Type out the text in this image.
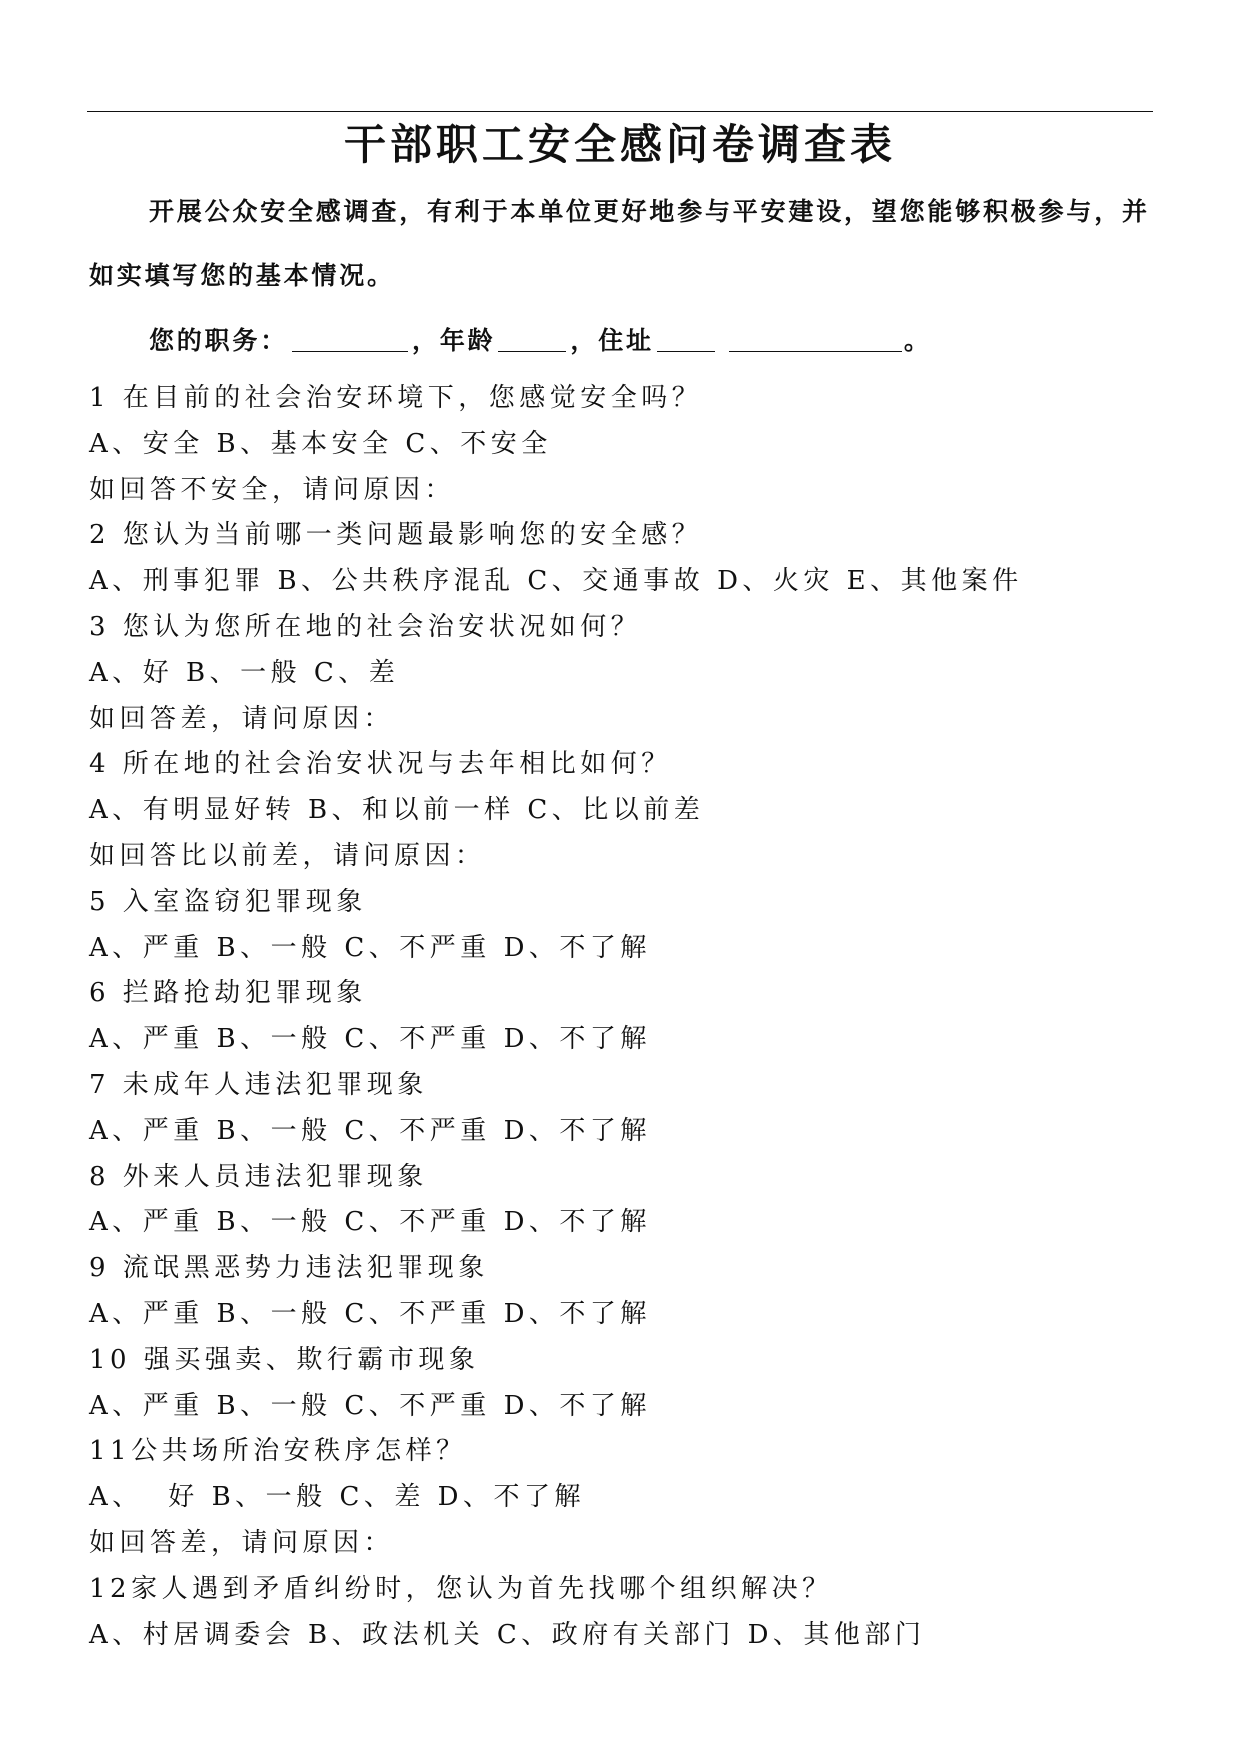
干部职工安全感问卷调查表
开展公众安全感调查，有利于本单位更好地参与平安建设，望您能够积极参与，并如实填写您的基本情况。
您的职务：	，年龄	，住址	。
1 在目前的社会治安环境下，您感觉安全吗？
A、安全 B、基本安全 C、不安全
如回答不安全，请问原因：
2 您认为当前哪一类问题最影响您的安全感？
A、刑事犯罪 B、公共秩序混乱 C、交通事故 D、火灾 E、其他案件
3 您认为您所在地的社会治安状况如何？
A、好 B、一般 C、差
如回答差，请问原因：
4 所在地的社会治安状况与去年相比如何？
A、有明显好转 B、和以前一样 C、比以前差
如回答比以前差，请问原因：
5 入室盗窃犯罪现象
A、严重 B、一般 C、不严重 D、不了解
6 拦路抢劫犯罪现象
A、严重 B、一般 C、不严重 D、不了解
7 未成年人违法犯罪现象
A、严重 B、一般 C、不严重 D、不了解
8 外来人员违法犯罪现象
A、严重 B、一般 C、不严重 D、不了解
9 流氓黑恶势力违法犯罪现象
A、严重 B、一般 C、不严重 D、不了解
10 强买强卖、欺行霸市现象
A、严重 B、一般 C、不严重 D、不了解
11公共场所治安秩序怎样？
A、  好 B、一般 C、差 D、不了解
如回答差，请问原因：
12家人遇到矛盾纠纷时，您认为首先找哪个组织解决？
A、村居调委会 B、政法机关 C、政府有关部门 D、其他部门
